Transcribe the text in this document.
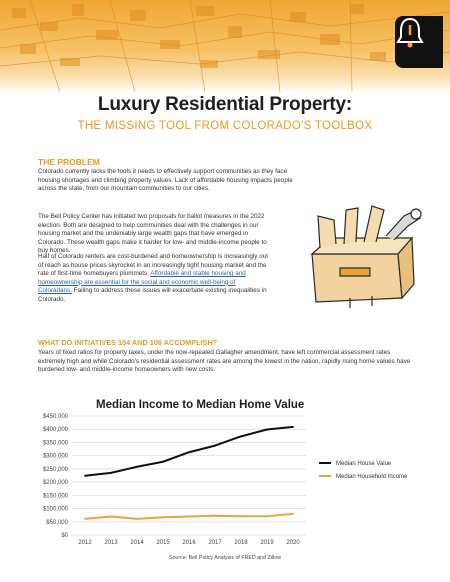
Luxury Residential Property:
THE MISSING TOOL FROM COLORADO'S TOOLBOX
THE PROBLEM
Colorado currently lacks the tools it needs to effectively support communities as they face housing shortages and climbing property values. Lack of affordable housing impacts people across the state, from our mountain communities to our cities.
The Bell Policy Center has initiated two proposals for ballot measures in the 2022 election. Both are designed to help communities deal with the challenges in our housing market and the undeniably large wealth gaps that have emerged in Colorado. These wealth gaps make it harder for low- and middle-income people to buy homes.
Half of Colorado renters are cost-burdened and homeownership is increasingly out of reach as house prices skyrocket in an increasingly tight housing market and the rate of first-time homebuyers plummets. Affordable and stable housing and homeownership are essential for the social and economic well-being of Coloradans. Failing to address these issues will exacerbate existing inequalities in Colorado.
WHAT DO INITIATIVES 104 AND 106 ACCOMPLISH?
Years of fixed ratios for property taxes, under the now-repealed Gallagher amendment, have left commercial assessment rates extremely high and while Colorado's residential assessment rates are among the lowest in the nation, rapidly rising home values have burdened low- and middle-income homeowners with new costs.
Median Income to Median Home Value
$0
$50,000
$100,000
$150,000
$200,000
$250,000
$300,000
$350,000
$400,000
$450,000
2012 2013 2014 2015 2016 2017 2018 2019 2020
Median House Value
Median Household Income
Source: Bell Policy Analysis of FRED and Zillow
